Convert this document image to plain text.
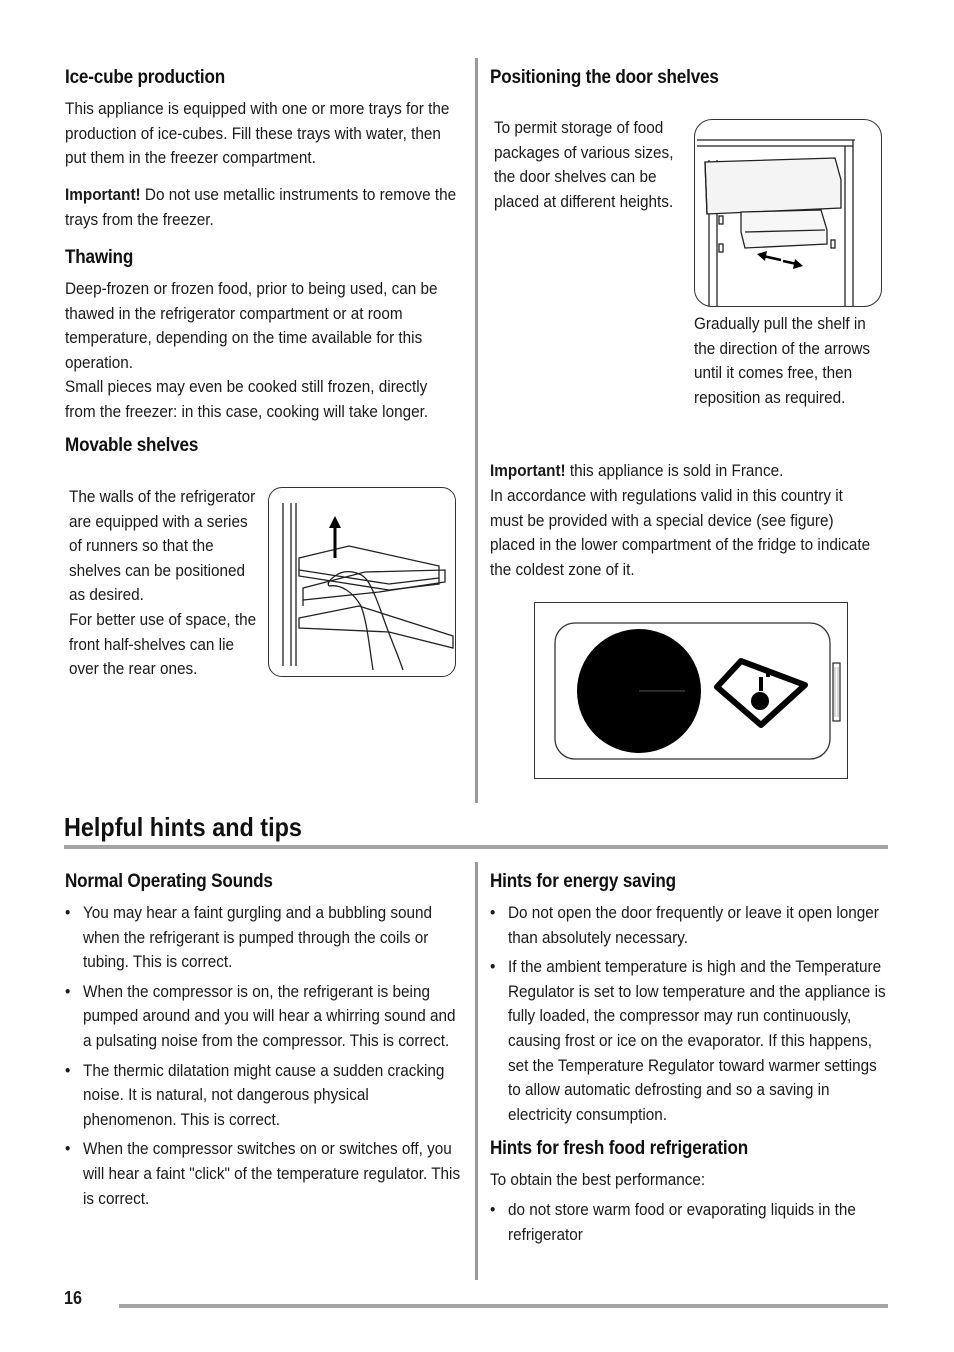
Ice-cube production

This appliance is equipped with one or more trays for the production of ice-cubes. Fill these trays with water, then put them in the freezer compartment.

Important! Do not use metallic instruments to remove the trays from the freezer.

Thawing

Deep-frozen or frozen food, prior to being used, can be thawed in the refrigerator compartment or at room temperature, depending on the time available for this operation.

Small pieces may even be cooked still frozen, directly from the freezer: in this case, cooking will take longer.

Movable shelves

The walls of the refrigerator are equipped with a series of runners so that the shelves can be positioned as desired.

For better use of space, the front half-shelves can lie over the rear ones.

Positioning the door shelves

To permit storage of food packages of various sizes, the door shelves can be placed at different heights.

Gradually pull the shelf in the direction of the arrows until it comes free, then reposition as required.

Important! this appliance is sold in France.

In accordance with regulations valid in this country it must be provided with a special device (see figure) placed in the lower compartment of the fridge to indicate the coldest zone of it.

Helpful hints and tips
Normal Operating Sounds
• You may hear a faint gurgling and a bubbling sound when the refrigerant is pumped through the coils or tubing. This is correct.
• When the compressor is on, the refrigerant is being pumped around and you will hear a whirring sound and a pulsating noise from the compressor. This is correct.
• The thermic dilatation might cause a sudden cracking noise. It is natural, not dangerous physical phenomenon. This is correct.
• When the compressor switches on or switches off, you will hear a faint "click" of the temperature regulator. This is correct.
Hints for energy saving
• Do not open the door frequently or leave it open longer than absolutely necessary.
• If the ambient temperature is high and the Temperature Regulator is set to low temperature and the appliance is fully loaded, the compressor may run continuously, causing frost or ice on the evaporator. If this happens, set the Temperature Regulator toward warmer settings to allow automatic defrosting and so a saving in electricity consumption.
Hints for fresh food refrigeration

To obtain the best performance:

• do not store warm food or evaporating liquids in the refrigerator
16
